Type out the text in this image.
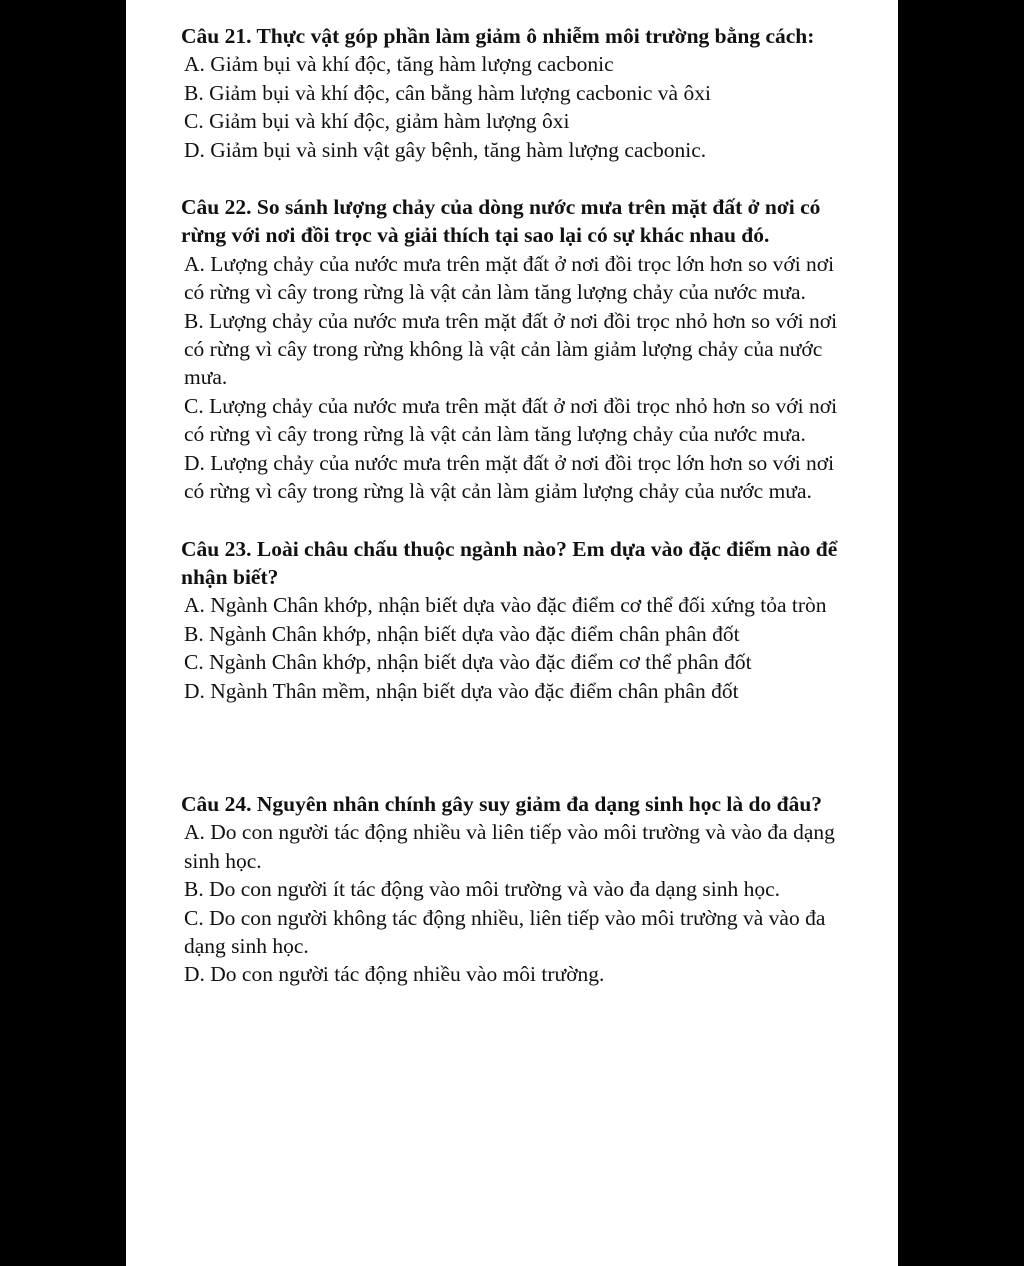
Câu 21. Thực vật góp phần làm giảm ô nhiễm môi trường bằng cách:

A. Giảm bụi và khí độc, tăng hàm lượng cacbonic

B. Giảm bụi và khí độc, cân bằng hàm lượng cacbonic và ôxi

C. Giảm bụi và khí độc, giảm hàm lượng ôxi

D. Giảm bụi và sinh vật gây bệnh, tăng hàm lượng cacbonic.

Câu 22. So sánh lượng chảy của dòng nước mưa trên mặt đất ở nơi có rừng với nơi đồi trọc và giải thích tại sao lại có sự khác nhau đó.

A. Lượng chảy của nước mưa trên mặt đất ở nơi đồi trọc lớn hơn so với nơi có rừng vì cây trong rừng là vật cản làm tăng lượng chảy của nước mưa.

B. Lượng chảy của nước mưa trên mặt đất ở nơi đồi trọc nhỏ hơn so với nơi có rừng vì cây trong rừng không là vật cản làm giảm lượng chảy của nước mưa.

C. Lượng chảy của nước mưa trên mặt đất ở nơi đồi trọc nhỏ hơn so với nơi có rừng vì cây trong rừng là vật cản làm tăng lượng chảy của nước mưa.

D. Lượng chảy của nước mưa trên mặt đất ở nơi đồi trọc lớn hơn so với nơi có rừng vì cây trong rừng là vật cản làm giảm lượng chảy của nước mưa.

Câu 23. Loài châu chấu thuộc ngành nào? Em dựa vào đặc điểm nào để nhận biết?

A. Ngành Chân khớp, nhận biết dựa vào đặc điểm cơ thể đối xứng tỏa tròn

B. Ngành Chân khớp, nhận biết dựa vào đặc điểm chân phân đốt

C. Ngành Chân khớp, nhận biết dựa vào đặc điểm cơ thể phân đốt

D. Ngành Thân mềm, nhận biết dựa vào đặc điểm chân phân đốt

Câu 24. Nguyên nhân chính gây suy giảm đa dạng sinh học là do đâu?

A. Do con người tác động nhiều và liên tiếp vào môi trường và vào đa dạng sinh học.

B. Do con người ít tác động vào môi trường và vào đa dạng sinh học.

C. Do con người không tác động nhiều, liên tiếp vào môi trường và vào đa dạng sinh học.

D. Do con người tác động nhiều vào môi trường.
